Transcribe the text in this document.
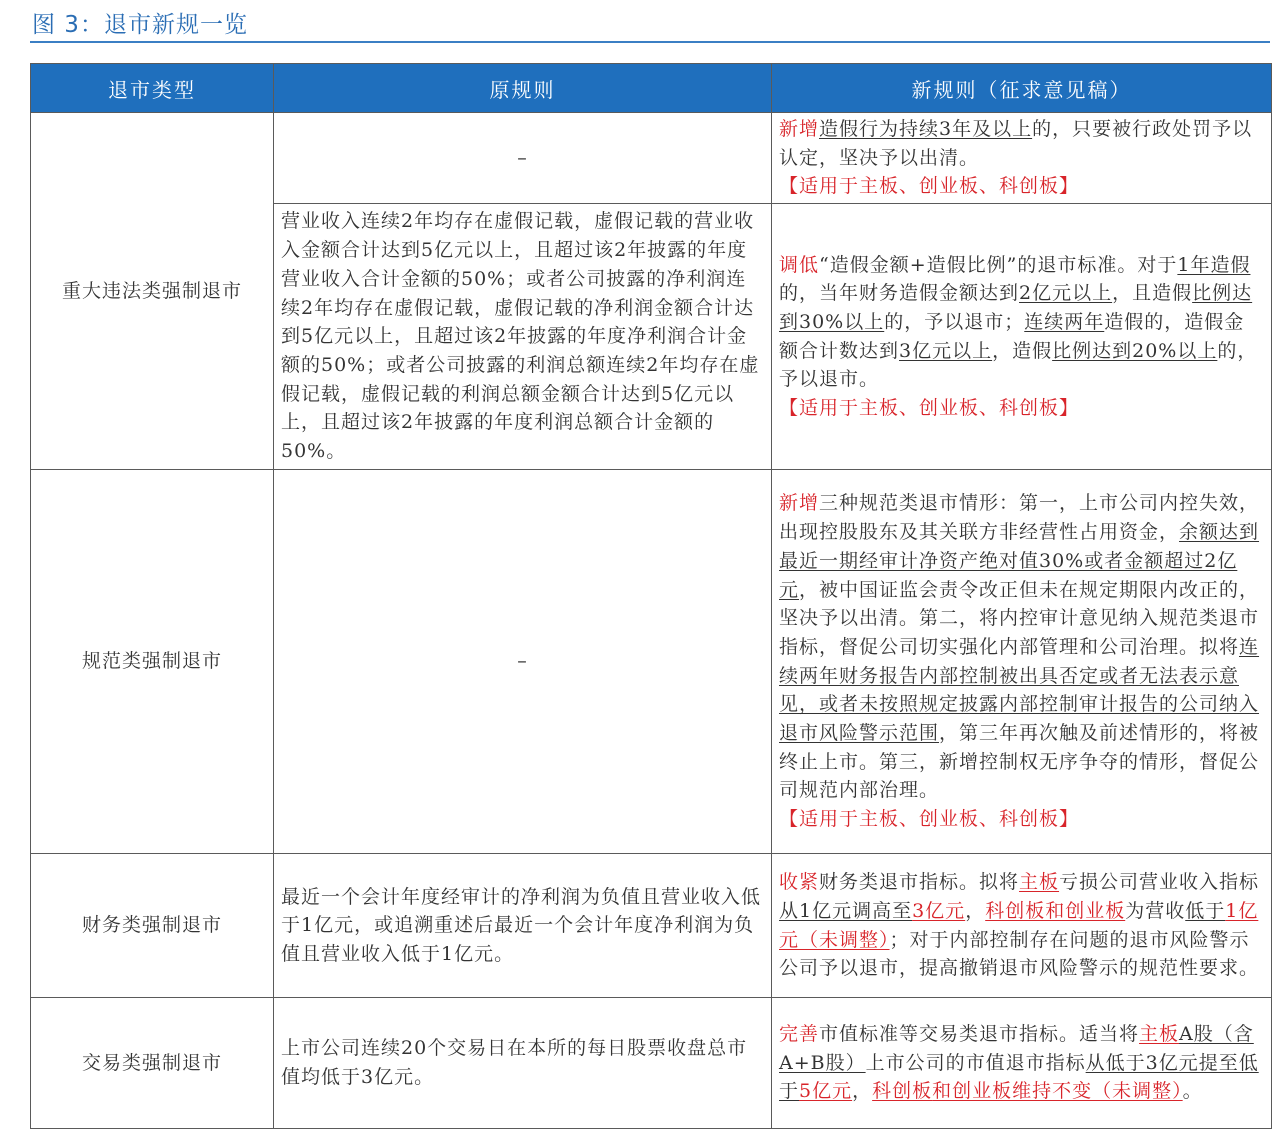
图 3：退市新规一览
退市类型	原规则	新规则（征求意见稿）
重大违法类强制退市	–	新增造假行为持续3年及以上的，只要被行政处罚予以认定，坚决予以出清。
【适用于主板、创业板、科创板】

	营业收入连续2年均存在虚假记载，虚假记载的营业收入金额合计达到5亿元以上，且超过该2年披露的年度营业收入合计金额的50%；或者公司披露的净利润连续2年均存在虚假记载，虚假记载的净利润金额合计达到5亿元以上，且超过该2年披露的年度净利润合计金额的50%；或者公司披露的利润总额连续2年均存在虚假记载，虚假记载的利润总额金额合计达到5亿元以上，且超过该2年披露的年度利润总额合计金额的50%。	调低“造假金额+造假比例”的退市标准。对于1年造假的，当年财务造假金额达到2亿元以上，且造假比例达到30%以上的，予以退市；连续两年造假的，造假金额合计数达到3亿元以上，造假比例达到20%以上的，予以退市。
【适用于主板、创业板、科创板】

规范类强制退市	–	新增三种规范类退市情形：第一，上市公司内控失效，出现控股股东及其关联方非经营性占用资金，余额达到最近一期经审计净资产绝对值30%或者金额超过2亿元，被中国证监会责令改正但未在规定期限内改正的，坚决予以出清。第二，将内控审计意见纳入规范类退市指标，督促公司切实强化内部管理和公司治理。拟将连续两年财务报告内部控制被出具否定或者无法表示意见，或者未按照规定披露内部控制审计报告的公司纳入退市风险警示范围，第三年再次触及前述情形的，将被终止上市。第三，新增控制权无序争夺的情形，督促公司规范内部治理。
【适用于主板、创业板、科创板】

财务类强制退市	最近一个会计年度经审计的净利润为负值且营业收入低于1亿元，或追溯重述后最近一个会计年度净利润为负值且营业收入低于1亿元。	收紧财务类退市指标。拟将主板亏损公司营业收入指标从1亿元调高至3亿元，科创板和创业板为营收低于1亿元（未调整）；对于内部控制存在问题的退市风险警示公司予以退市，提高撤销退市风险警示的规范性要求。

交易类强制退市	上市公司连续20个交易日在本所的每日股票收盘总市值均低于3亿元。	完善市值标准等交易类退市指标。适当将主板A股（含A+B股）上市公司的市值退市指标从低于3亿元提至低于5亿元，科创板和创业板维持不变（未调整）。
